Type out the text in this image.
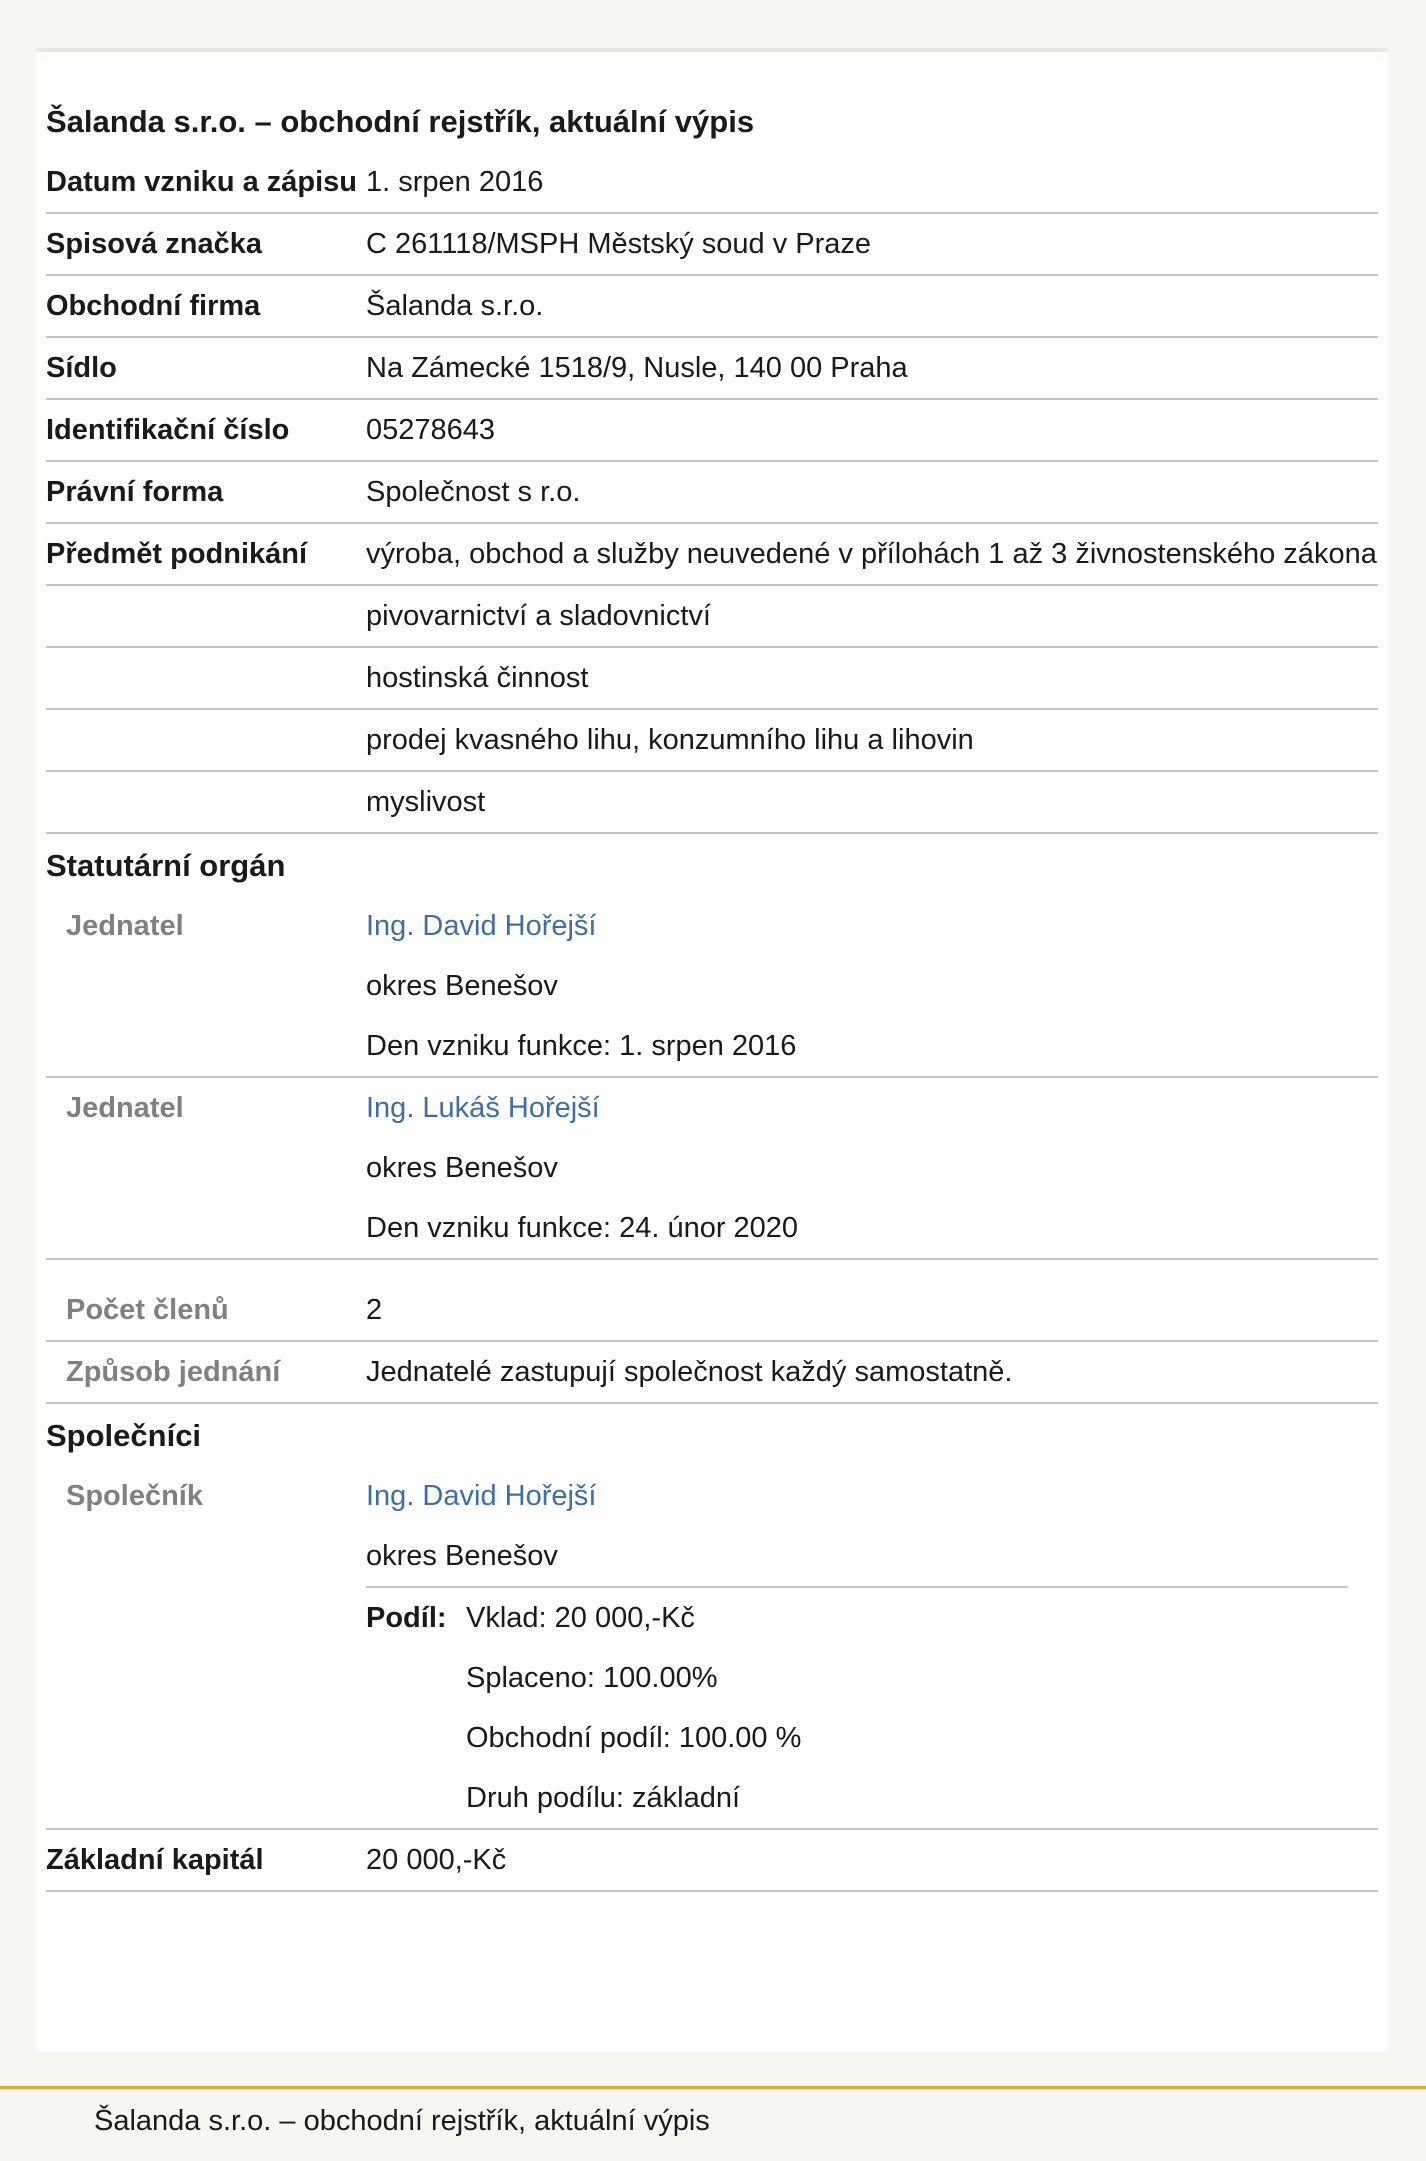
Šalanda s.r.o. – obchodní rejstřík, aktuální výpis
Datum vzniku a zápisu 1. srpen 2016
Spisová značka	C 261118/MSPH Městský soud v Praze
Obchodní firma	Šalanda s.r.o.
Sídlo	Na Zámecké 1518/9, Nusle, 140 00 Praha
Identifikační číslo	05278643
Právní forma	Společnost s r.o.
Předmět podnikání	výroba, obchod a služby neuvedené v přílohách 1 až 3 živnostenského zákona
pivovarnictví a sladovnictví
hostinská činnost
prodej kvasného lihu, konzumního lihu a lihovin
myslivost
Statutární orgán
Jednatel	Ing. David Hořejší
okres Benešov
Den vzniku funkce: 1. srpen 2016
Jednatel	Ing. Lukáš Hořejší
okres Benešov
Den vzniku funkce: 24. únor 2020
Počet členů	2
Způsob jednání	Jednatelé zastupují společnost každý samostatně.
Společníci
Společník	Ing. David Hořejší
okres Benešov
Podíl: Vklad: 20 000,-Kč
Splaceno: 100.00%
Obchodní podíl: 100.00 %
Druh podílu: základní
Základní kapitál	20 000,-Kč
Šalanda s.r.o. – obchodní rejstřík, aktuální výpis
